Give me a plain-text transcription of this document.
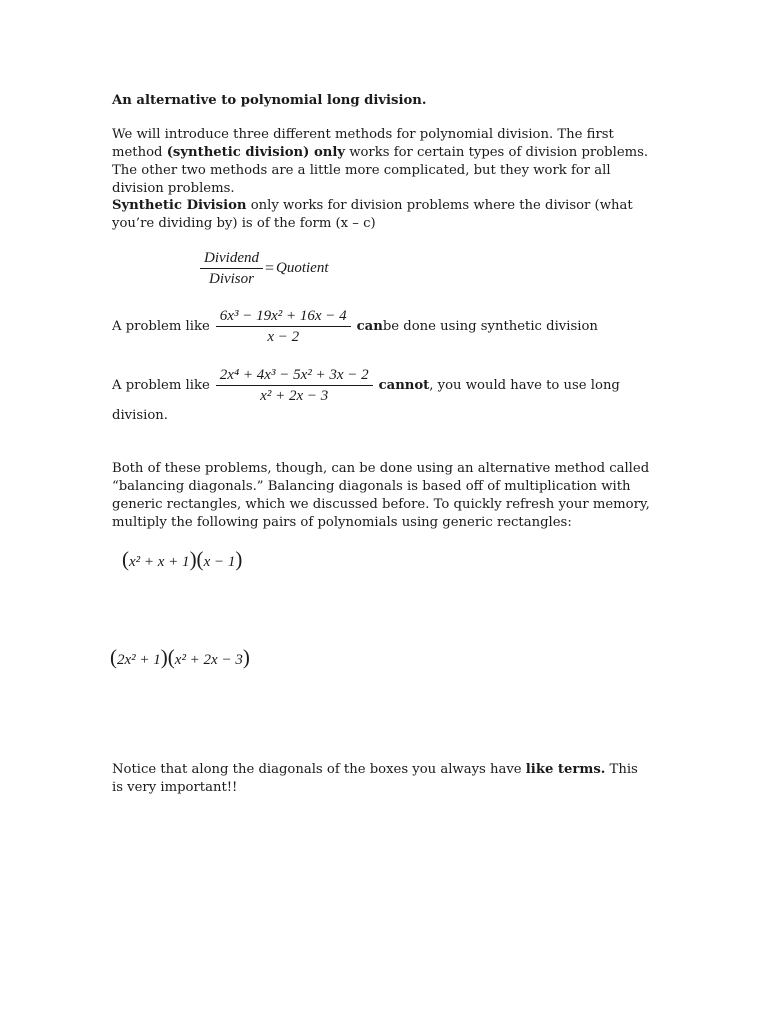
An alternative to polynomial long division.
We will introduce three different methods for polynomial division. The first method (synthetic division) only works for certain types of division problems. The other two methods are a little more complicated, but they work for all division problems.
Synthetic Division only works for division problems where the divisor (what you’re dividing by) is of the form (x – c)
$\frac{\text{Dividend}}{\text{Divisor}}$ = Quotient
A problem like $\frac{\text{6x³ − 19x² + 16x − 4}}{x - 2}$ can be done using synthetic division
A problem like $\frac{\text{2x⁴ + 4x³ − 5x² + 3x − 2}}{\text{x² + 2x − 3}}$ cannot , you would have to use long
division.
Both of these problems, though, can be done using an alternative method called “balancing diagonals.” Balancing diagonals is based off of multiplication with generic rectangles, which we discussed before. To quickly refresh your memory, multiply the following pairs of polynomials using generic rectangles:
(x² + x + 1)(x − 1)
(2x² + 1)(x² + 2x − 3)
Notice that along the diagonals of the boxes you always have like terms. This is very important!!
